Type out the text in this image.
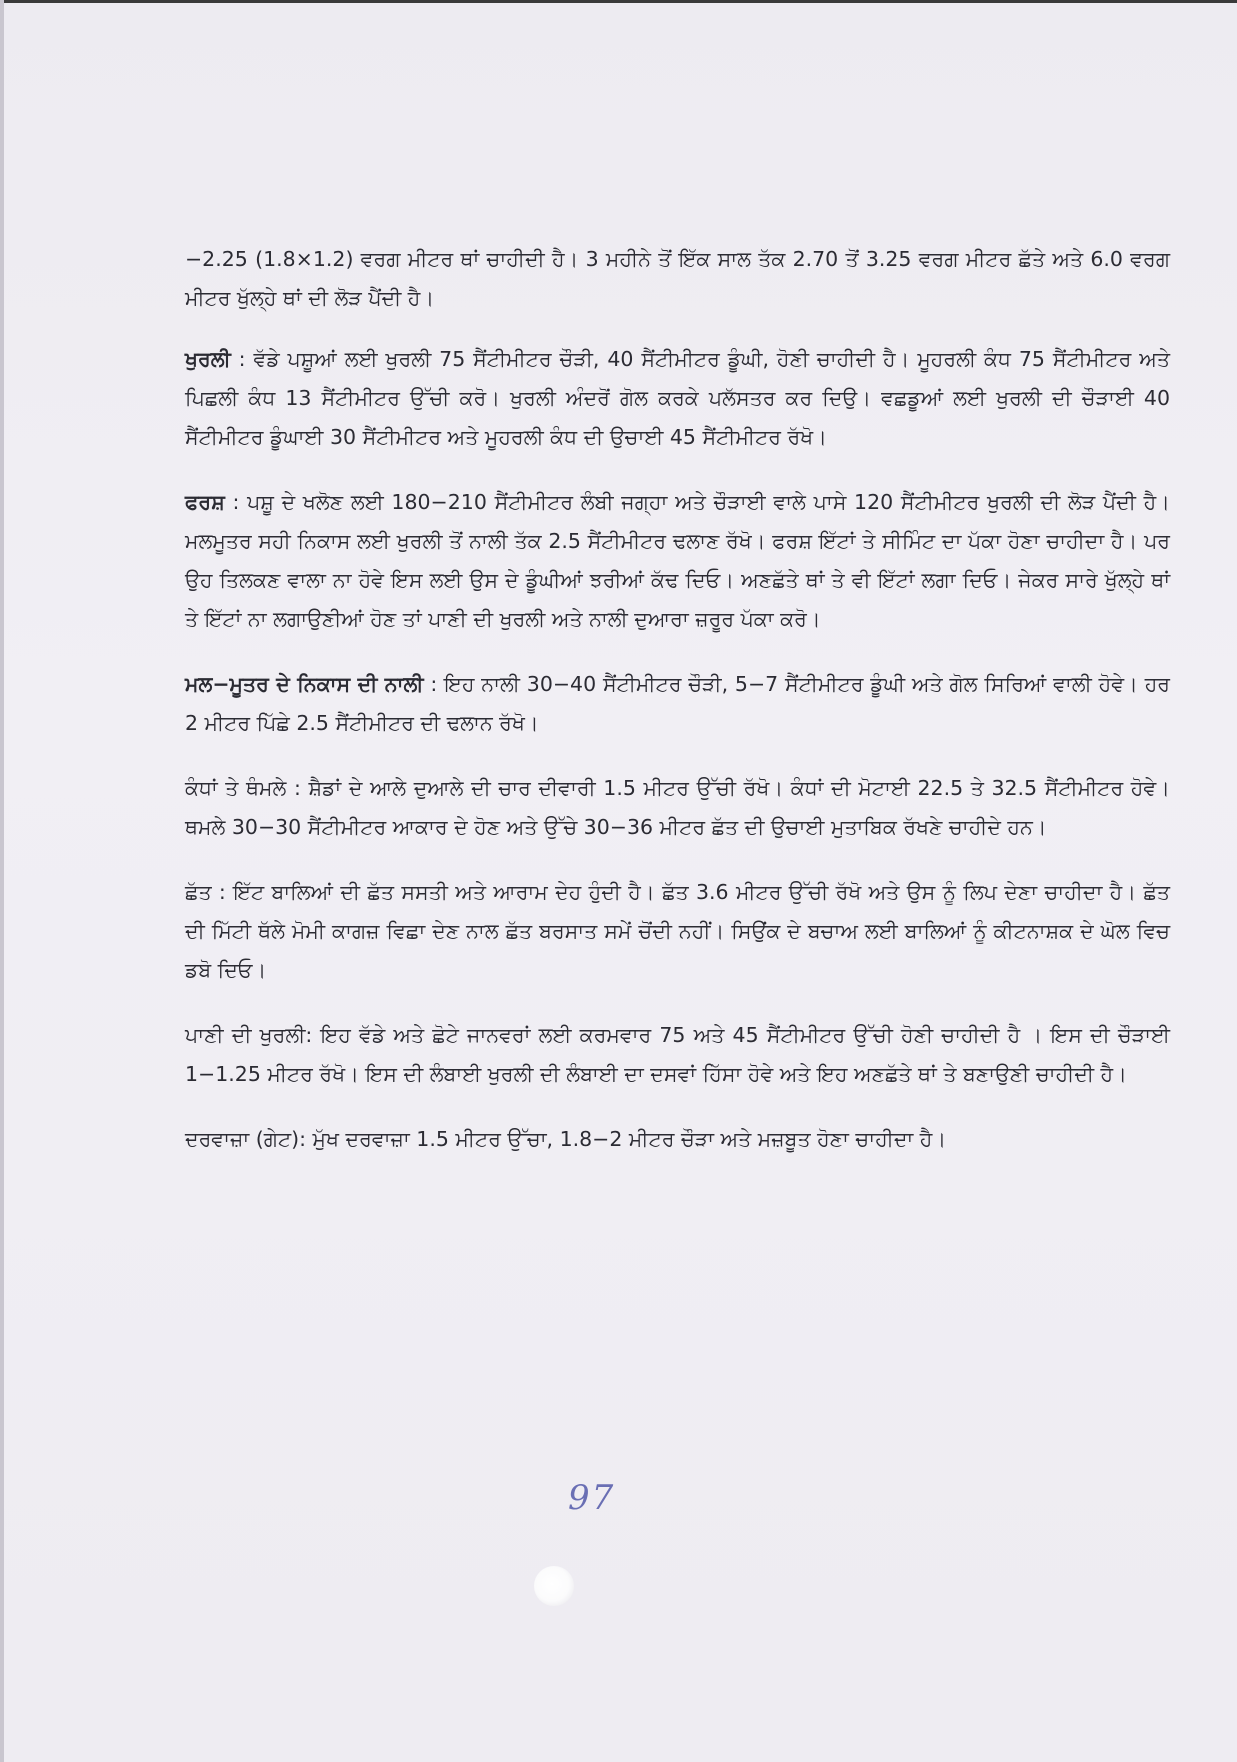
−2.25 (1.8×1.2) ਵਰਗ ਮੀਟਰ ਥਾਂ ਚਾਹੀਦੀ ਹੈ। 3 ਮਹੀਨੇ ਤੋਂ ਇੱਕ ਸਾਲ ਤੱਕ 2.70 ਤੋਂ 3.25 ਵਰਗ ਮੀਟਰ ਛੱਤੇ ਅਤੇ 6.0 ਵਰਗ ਮੀਟਰ ਖੁੱਲ੍ਹੇ ਥਾਂ ਦੀ ਲੋੜ ਪੈਂਦੀ ਹੈ।

ਖੁਰਲੀ : ਵੱਡੇ ਪਸ਼ੂਆਂ ਲਈ ਖੁਰਲੀ 75 ਸੈਂਟੀਮੀਟਰ ਚੌੜੀ, 40 ਸੈਂਟੀਮੀਟਰ ਡੂੰਘੀ, ਹੋਣੀ ਚਾਹੀਦੀ ਹੈ। ਮੂਹਰਲੀ ਕੰਧ 75 ਸੈਂਟੀਮੀਟਰ ਅਤੇ ਪਿਛਲੀ ਕੰਧ 13 ਸੈਂਟੀਮੀਟਰ ਉੱਚੀ ਕਰੋ। ਖੁਰਲੀ ਅੰਦਰੋਂ ਗੋਲ ਕਰਕੇ ਪਲੱਸਤਰ ਕਰ ਦਿਉ। ਵਛਡੂਆਂ ਲਈ ਖੁਰਲੀ ਦੀ ਚੌੜਾਈ 40 ਸੈਂਟੀਮੀਟਰ ਡੂੰਘਾਈ 30 ਸੈਂਟੀਮੀਟਰ ਅਤੇ ਮੂਹਰਲੀ ਕੰਧ ਦੀ ਉਚਾਈ 45 ਸੈਂਟੀਮੀਟਰ ਰੱਖੋ।

ਫਰਸ਼ : ਪਸ਼ੂ ਦੇ ਖਲੋਣ ਲਈ 180−210 ਸੈਂਟੀਮੀਟਰ ਲੰਬੀ ਜਗ੍ਹਾ ਅਤੇ ਚੌੜਾਈ ਵਾਲੇ ਪਾਸੇ 120 ਸੈਂਟੀਮੀਟਰ ਖੁਰਲੀ ਦੀ ਲੋੜ ਪੈਂਦੀ ਹੈ। ਮਲਮੂਤਰ ਸਹੀ ਨਿਕਾਸ ਲਈ ਖੁਰਲੀ ਤੋਂ ਨਾਲੀ ਤੱਕ 2.5 ਸੈਂਟੀਮੀਟਰ ਢਲਾਣ ਰੱਖੋ। ਫਰਸ਼ ਇੱਟਾਂ ਤੇ ਸੀਮਿੰਟ ਦਾ ਪੱਕਾ ਹੋਣਾ ਚਾਹੀਦਾ ਹੈ। ਪਰ ਉਹ ਤਿਲਕਣ ਵਾਲਾ ਨਾ ਹੋਵੇ ਇਸ ਲਈ ਉਸ ਦੇ ਡੂੰਘੀਆਂ ਝਰੀਆਂ ਕੱਢ ਦਿਓ। ਅਣਛੱਤੇ ਥਾਂ ਤੇ ਵੀ ਇੱਟਾਂ ਲਗਾ ਦਿਓ। ਜੇਕਰ ਸਾਰੇ ਖੁੱਲ੍ਹੇ ਥਾਂ ਤੇ ਇੱਟਾਂ ਨਾ ਲਗਾਉਣੀਆਂ ਹੋਣ ਤਾਂ ਪਾਣੀ ਦੀ ਖੁਰਲੀ ਅਤੇ ਨਾਲੀ ਦੁਆਰਾ ਜ਼ਰੂਰ ਪੱਕਾ ਕਰੋ।

ਮਲ−ਮੂਤਰ ਦੇ ਨਿਕਾਸ ਦੀ ਨਾਲੀ : ਇਹ ਨਾਲੀ 30−40 ਸੈਂਟੀਮੀਟਰ ਚੌੜੀ, 5−7 ਸੈਂਟੀਮੀਟਰ ਡੂੰਘੀ ਅਤੇ ਗੋਲ ਸਿਰਿਆਂ ਵਾਲੀ ਹੋਵੇ। ਹਰ 2 ਮੀਟਰ ਪਿੱਛੇ 2.5 ਸੈਂਟੀਮੀਟਰ ਦੀ ਢਲਾਨ ਰੱਖੋ।

ਕੰਧਾਂ ਤੇ ਥੰਮਲੇ : ਸ਼ੈਡਾਂ ਦੇ ਆਲੇ ਦੁਆਲੇ ਦੀ ਚਾਰ ਦੀਵਾਰੀ 1.5 ਮੀਟਰ ਉੱਚੀ ਰੱਖੋ। ਕੰਧਾਂ ਦੀ ਮੋਟਾਈ 22.5 ਤੇ 32.5 ਸੈਂਟੀਮੀਟਰ ਹੋਵੇ। ਥਮਲੇ 30−30 ਸੈਂਟੀਮੀਟਰ ਆਕਾਰ ਦੇ ਹੋਣ ਅਤੇ ਉੱਚੇ 30−36 ਮੀਟਰ ਛੱਤ ਦੀ ਉਚਾਈ ਮੁਤਾਬਿਕ ਰੱਖਣੇ ਚਾਹੀਦੇ ਹਨ।

ਛੱਤ : ਇੱਟ ਬਾਲਿਆਂ ਦੀ ਛੱਤ ਸਸਤੀ ਅਤੇ ਆਰਾਮ ਦੇਹ ਹੁੰਦੀ ਹੈ। ਛੱਤ 3.6 ਮੀਟਰ ਉੱਚੀ ਰੱਖੋ ਅਤੇ ਉਸ ਨੂੰ ਲਿਪ ਦੇਣਾ ਚਾਹੀਦਾ ਹੈ। ਛੱਤ ਦੀ ਮਿੱਟੀ ਥੱਲੇ ਮੋਮੀ ਕਾਗਜ਼ ਵਿਛਾ ਦੇਣ ਨਾਲ ਛੱਤ ਬਰਸਾਤ ਸਮੇਂ ਚੋਂਦੀ ਨਹੀਂ। ਸਿਉਂਕ ਦੇ ਬਚਾਅ ਲਈ ਬਾਲਿਆਂ ਨੂੰ ਕੀਟਨਾਸ਼ਕ ਦੇ ਘੋਲ ਵਿਚ ਡਬੋ ਦਿਓ।

ਪਾਣੀ ਦੀ ਖੁਰਲੀ: ਇਹ ਵੱਡੇ ਅਤੇ ਛੋਟੇ ਜਾਨਵਰਾਂ ਲਈ ਕਰਮਵਾਰ 75 ਅਤੇ 45 ਸੈਂਟੀਮੀਟਰ ਉੱਚੀ ਹੋਣੀ ਚਾਹੀਦੀ ਹੈ । ਇਸ ਦੀ ਚੌੜਾਈ 1−1.25 ਮੀਟਰ ਰੱਖੋ। ਇਸ ਦੀ ਲੰਬਾਈ ਖੁਰਲੀ ਦੀ ਲੰਬਾਈ ਦਾ ਦਸਵਾਂ ਹਿੱਸਾ ਹੋਵੇ ਅਤੇ ਇਹ ਅਣਛੱਤੇ ਥਾਂ ਤੇ ਬਣਾਉਣੀ ਚਾਹੀਦੀ ਹੈ।

ਦਰਵਾਜ਼ਾ (ਗੇਟ): ਮੁੱਖ ਦਰਵਾਜ਼ਾ 1.5 ਮੀਟਰ ਉੱਚਾ, 1.8−2 ਮੀਟਰ ਚੌੜਾ ਅਤੇ ਮਜ਼ਬੂਤ ਹੋਣਾ ਚਾਹੀਦਾ ਹੈ।

97
